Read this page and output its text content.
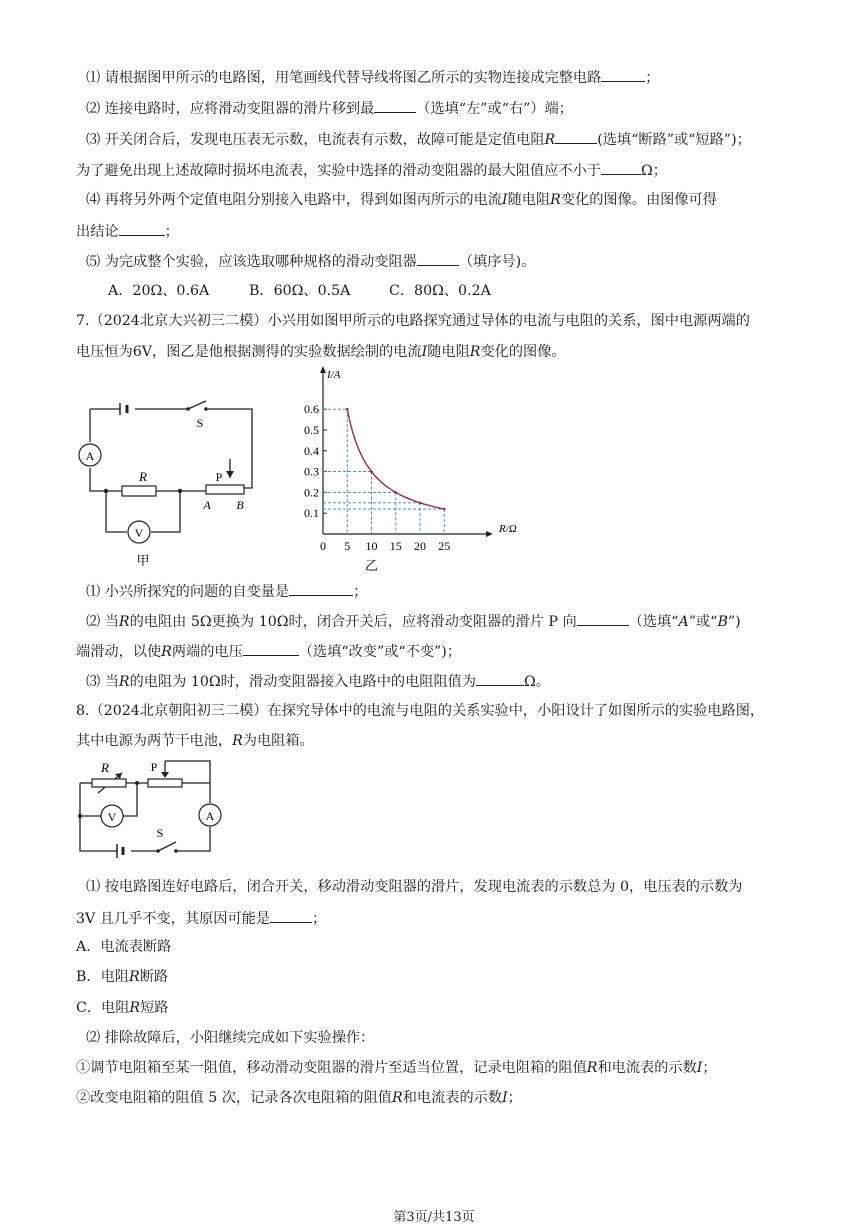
⑴ 请根据图甲所示的电路图，用笔画线代替导线将图乙所示的实物连接成完整电路	；
⑵ 连接电路时，应将滑动变阻器的滑片移到最	（选填“左”或“右”）端；
⑶ 开关闭合后，发现电压表无示数，电流表有示数，故障可能是定值电阻R	(选填“断路”或“短路”)；
为了避免出现上述故障时损坏电流表，实验中选择的滑动变阻器的最大阻值应不小于	Ω；
⑷ 再将另外两个定值电阻分别接入电路中，得到如图丙所示的电流I随电阻R变化的图像。由图像可得
出结论	；
⑸ 为完成整个实验，应该选取哪种规格的滑动变阻器	（填序号)。
A．20Ω、0.6A	B．60Ω、0.5A	C．80Ω、0.2A
7.（2024北京大兴初三二模）小兴用如图甲所示的电路探究通过导体的电流与电阻的关系，图中电源两端的
电压恒为6V，图乙是他根据测得的实验数据绘制的电流I随电阻R变化的图像。
A
V
R
S
P
A B
甲
R/Ω
I/A
0 5 10 15 20 25
0.1
0.2
0.3
0.4
0.5
0.6
乙
⑴ 小兴所探究的问题的自变量是	；
⑵ 当R的电阻由 5Ω更换为 10Ω时，闭合开关后，应将滑动变阻器的滑片 P 向	（选填“A”或“B”)
端滑动，以使R两端的电压	（选填“改变”或“不变”)；
⑶ 当R的电阻为 10Ω时，滑动变阻器接入电路中的电阻阻值为	Ω。
8.（2024北京朝阳初三二模）在探究导体中的电流与电阻的关系实验中，小阳设计了如图所示的实验电路图，
其中电源为两节干电池，R为电阻箱。
R	P
V	A
S
⑴ 按电路图连好电路后，闭合开关，移动滑动变阻器的滑片，发现电流表的示数总为 0，电压表的示数为
3V 且几乎不变，其原因可能是	；
A．电流表断路
B．电阻R断路
C．电阻R短路
⑵ 排除故障后，小阳继续完成如下实验操作：
①调节电阻箱至某一阻值，移动滑动变阻器的滑片至适当位置，记录电阻箱的阻值R和电流表的示数I；
②改变电阻箱的阻值 5 次，记录各次电阻箱的阻值R和电流表的示数I；
第3页/共13页
